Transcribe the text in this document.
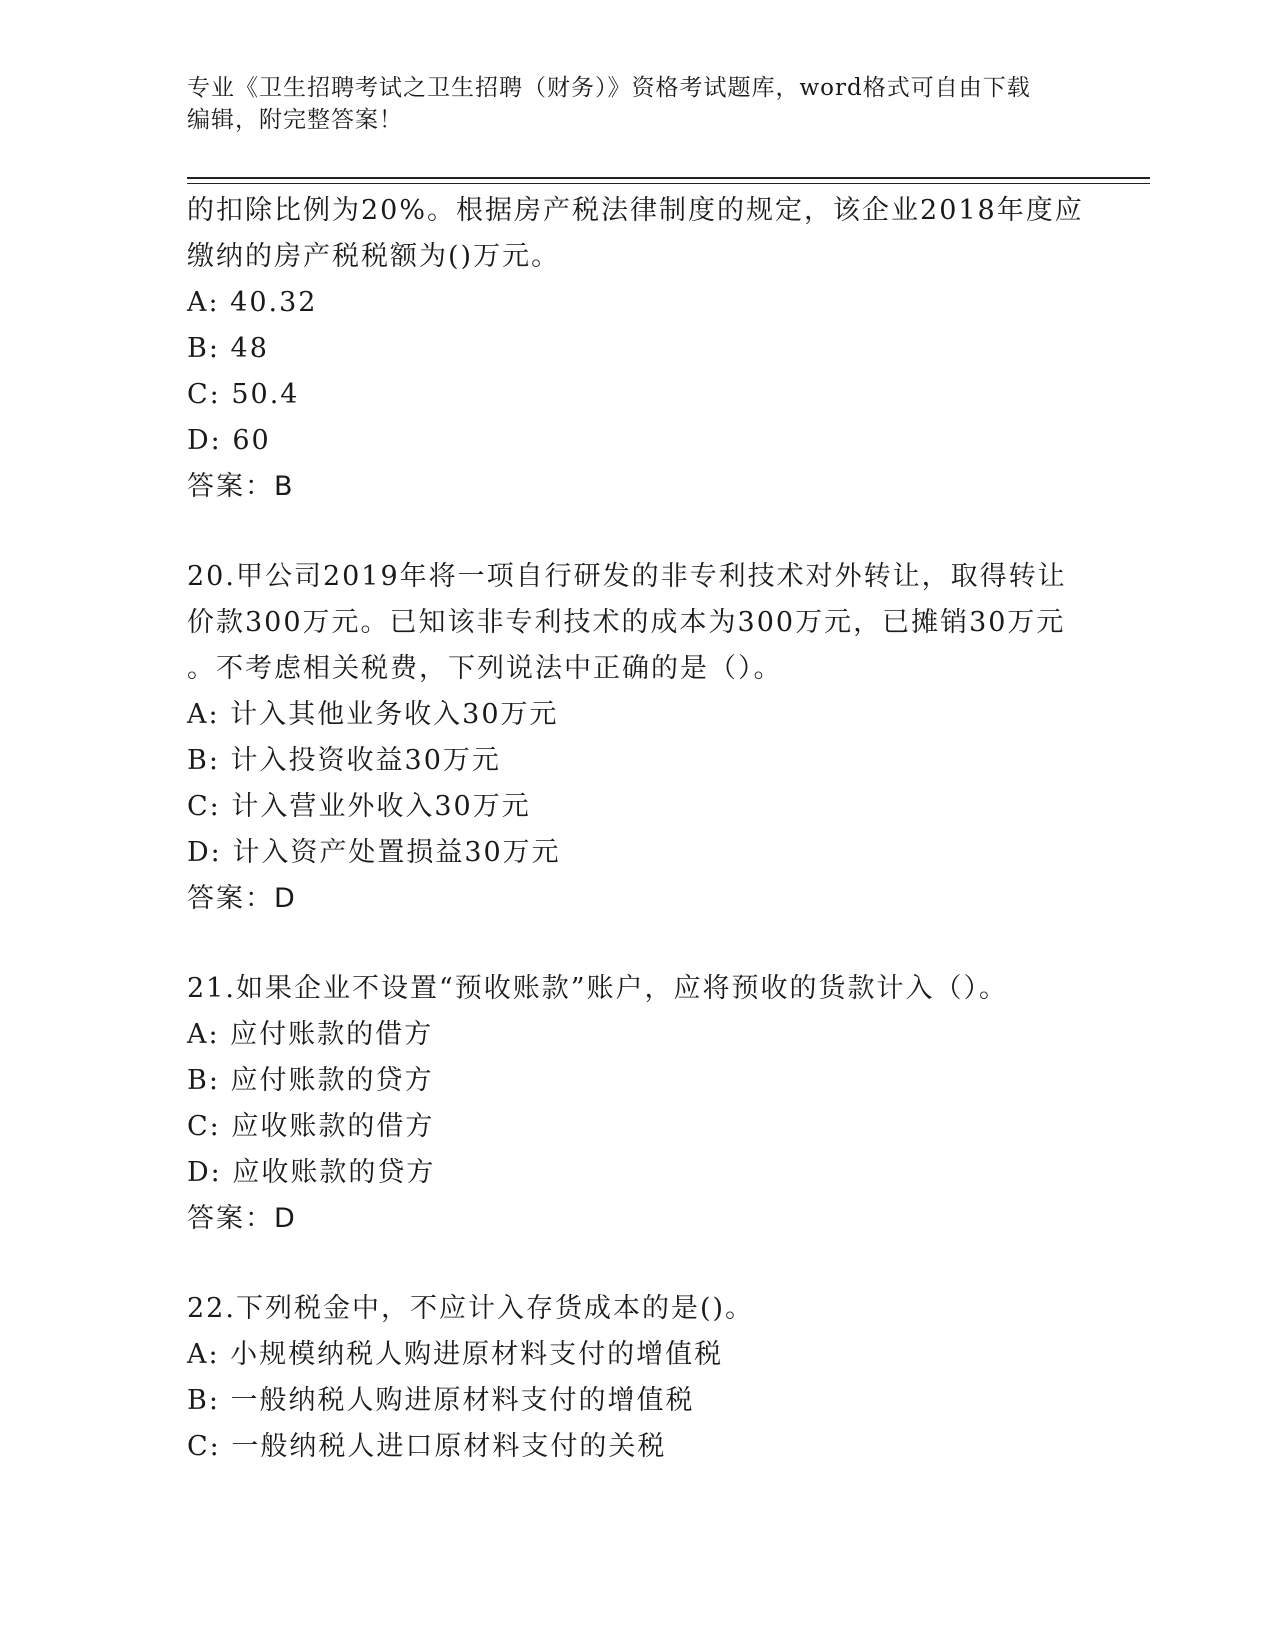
专业《卫生招聘考试之卫生招聘（财务）》资格考试题库，word格式可自由下载
编辑，附完整答案！
的扣除比例为20%。根据房产税法律制度的规定，该企业2018年度应
缴纳的房产税税额为()万元。
A: 40.32
B: 48
C: 50.4
D: 60
答案：B
20.甲公司2019年将一项自行研发的非专利技术对外转让，取得转让
价款300万元。已知该非专利技术的成本为300万元，已摊销30万元
。不考虑相关税费，下列说法中正确的是（）。
A: 计入其他业务收入30万元
B: 计入投资收益30万元
C: 计入营业外收入30万元
D: 计入资产处置损益30万元
答案：D
21.如果企业不设置“预收账款”账户，应将预收的货款计入（）。
A: 应付账款的借方
B: 应付账款的贷方
C: 应收账款的借方
D: 应收账款的贷方
答案：D
22.下列税金中，不应计入存货成本的是()。
A: 小规模纳税人购进原材料支付的增值税
B: 一般纳税人购进原材料支付的增值税
C: 一般纳税人进口原材料支付的关税
